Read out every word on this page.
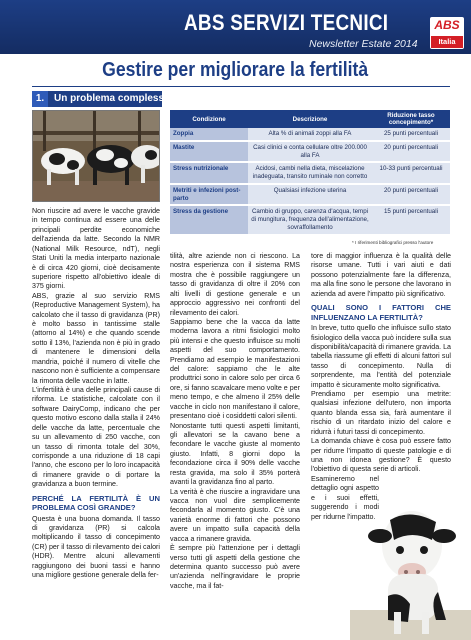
ABS SERVIZI TECNICI
Newsletter Estate 2014
ABS
Italia
Gestire per migliorare la fertilità
1. Un problema complesso
Condizione	Descrizione	Riduzione tasso concepimento*
Zoppia	Alta % di animali zoppi alla FA	25 punti percentuali
Mastite	Casi clinici e conta cellulare oltre 200.000 alla FA	20 punti percentuali
Stress nutrizionale	Acidosi, cambi nella dieta, miscelazione inadeguata, transito ruminale non corretto	10-33 punti percentuali
Metriti e infezioni post-parto	Qualsiasi infezione uterina	20 punti percentuali
Stress da gestione	Cambio di gruppo, carenza d'acqua, tempi di mungitura, frequenza dell'alimentazione, sovraffollamento	15 punti percentuali
* I riferimenti bibliografici presso l'autore

Non riuscire ad avere le vacche gravide in tempo continua ad essere una delle principali perdite economiche dell'azienda da latte. Secondo la NMR (National Milk Resource, ndT), negli Stati Uniti la media interparto nazionale è di circa 420 giorni, cioè decisamente superiore rispetto all'obiettivo ideale di 375 giorni.

ABS, grazie al suo servizio RMS (Reproductive Management System), ha calcolato che il tasso di gravidanza (PR) è molto basso in tantissime stalle (attorno al 14%) e che quando scende sotto il 13%, l'azienda non è più in grado di mantenere le dimensioni della mandria, poiché il numero di vitelle che nascono non è sufficiente a compensare la rimonta delle vacche in latte.

L'infertilità è una delle principali cause di riforma. Le statistiche, calcolate con il software DairyComp, indicano che per questo motivo escono dalla stalla il 24% delle vacche da latte, percentuale che su un allevamento di 250 vacche, con un tasso di rimonta totale del 30%, corrisponde a una riduzione di 18 capi l'anno, che escono per lo loro incapacità di rimanere gravide o di portare la gravidanza a buon termine.

PERCHÉ LA FERTILITÀ È UN PROBLEMA COSÌ GRANDE?

Questa è una buona domanda. Il tasso di gravidanza (PR) si calcola moltiplicando il tasso di concepimento (CR) per il tasso di rilevamento dei calori (HDR). Mentre alcuni allevamenti raggiungono dei buoni tassi e hanno una migliore gestione generale della fer-

tilità, altre aziende non ci riescono. La nostra esperienza con il sistema RMS mostra che è possibile raggiungere un tasso di gravidanza di oltre il 20% con alti livelli di gestione generale e un approccio aggressivo nei confronti del rilevamento dei calori.

Sappiamo bene che la vacca da latte moderna lavora a ritmi fisiologici molto più intensi e che questo influisce su molti aspetti del suo comportamento. Prendiamo ad esempio le manifestazioni del calore: sappiamo che le alte produttrici sono in calore solo per circa 6 ore, si fanno scavalcare meno volte e per meno tempo, e che almeno il 25% delle vacche in ciclo non manifestano il calore, presentano cioè i cosiddetti calori silenti.

Nonostante tutti questi aspetti limitanti, gli allevatori se la cavano bene a fecondare le vacche giuste al momento giusto. Infatti, 8 giorni dopo la fecondazione circa il 90% delle vacche resta gravida, ma solo il 35% porterà avanti la gravidanza fino al parto.

La verità è che riuscire a ingravidare una vacca non vuol dire semplicemente fecondarla al momento giusto. C'è una varietà enorme di fattori che possono avere un impatto sulla capacità della vacca a rimanere gravida.

È sempre più l'attenzione per i dettagli verso tutti gli aspetti della gestione che determina quanto successo può avere un'azienda nell'ingravidare le proprie vacche, ma il fat-

tore di maggior influenza è la qualità delle risorse umane. Tutti i vari aiuti e dati possono potenzialmente fare la differenza, ma alla fine sono le persone che lavorano in azienda ad avere l'impatto più significativo.

QUALI SONO I FATTORI CHE INFLUENZANO LA FERTILITÀ?

In breve, tutto quello che influisce sullo stato fisiologico della vacca può incidere sulla sua disponibilità/capacità di rimanere gravida. La tabella riassume gli effetti di alcuni fattori sul tasso di concepimento. Nulla di sorprendente, ma l'entità del potenziale impatto è sicuramente molto significativa.

Prendiamo per esempio una metrite: qualsiasi infezione dell'utero, non importa quanto blanda essa sia, farà aumentare il rischio di un ritardato inizio del calore e ridurrà i futuri tassi di concepimento.

La domanda chiave è cosa può essere fatto per ridurre l'impatto di queste patologie e di una non idonea gestione? È questo l'obiettivo di questa serie di articoli.

Esamineremo nel dettaglio ogni aspetto e i suoi effetti, suggerendo i modi per ridurne l'impatto.
